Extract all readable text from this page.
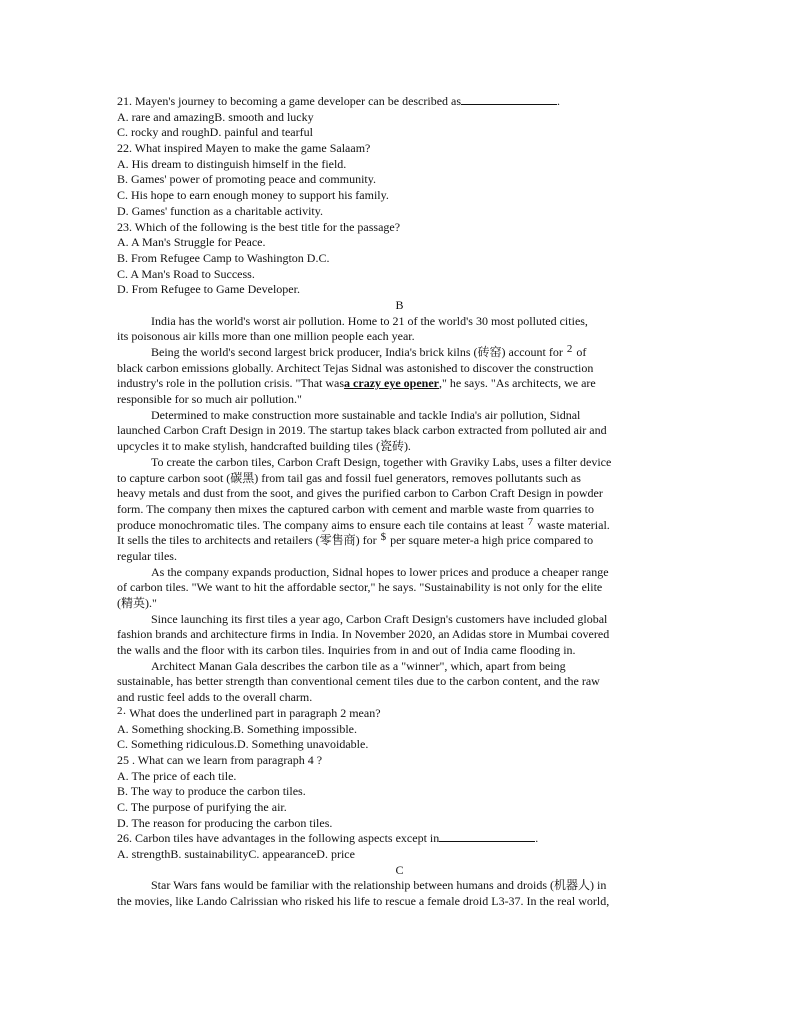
21. Mayen's journey to becoming a game developer can be described as	.
A. rare and amazingB. smooth and lucky
C. rocky and roughD. painful and tearful
22. What inspired Mayen to make the game Salaam?
A. His dream to distinguish himself in the field.
B. Games' power of promoting peace and community.
C. His hope to earn enough money to support his family.
D. Games' function as a charitable activity.
23. Which of the following is the best title for the passage?
A. A Man's Struggle for Peace.
B. From Refugee Camp to Washington D.C.
C. A Man's Road to Success.
D. From Refugee to Game Developer.
B
India has the world's worst air pollution. Home to 21 of the world's 30 most polluted cities,
its poisonous air kills more than one million people each year.
Being the world's second largest brick producer, India's brick kilns (砖窑) account for 2 of
black carbon emissions globally. Architect Tejas Sidnal was astonished to discover the construction
industry's role in the pollution crisis. "That wasa crazy eye opener," he says. "As architects, we are
responsible for so much air pollution."
Determined to make construction more sustainable and tackle India's air pollution, Sidnal
launched Carbon Craft Design in 2019. The startup takes black carbon extracted from polluted air and
upcycles it to make stylish, handcrafted building tiles (瓷砖).
To create the carbon tiles, Carbon Craft Design, together with Gravikу Labs, uses a filter device
to capture carbon soot (碳黑) from tail gas and fossil fuel generators, removes pollutants such as
heavy metals and dust from the soot, and gives the purified carbon to Carbon Craft Design in powder
form. The company then mixes the captured carbon with cement and marble waste from quarries to
produce monochromatic tiles. The company aims to ensure each tile contains at least 7 waste material.
It sells the tiles to architects and retailers (零售商) for $ per square meter-a high price compared to
regular tiles.
As the company expands production, Sidnal hopes to lower prices and produce a cheaper range
of carbon tiles. "We want to hit the affordable sector," he says. "Sustainability is not only for the elite
(精英)."
Since launching its first tiles a year ago, Carbon Craft Design's customers have included global
fashion brands and architecture firms in India. In November 2020, an Adidas store in Mumbai covered
the walls and the floor with its carbon tiles. Inquiries from in and out of India came flooding in.
Architect Manan Gala describes the carbon tile as a "winner", which, apart from being
sustainable, has better strength than conventional cement tiles due to the carbon content, and the raw
and rustic feel adds to the overall charm.
2· What does the underlined part in paragraph 2 mean?
A. Something shocking.B. Something impossible.
C. Something ridiculous.D. Something unavoidable.
25 . What can we learn from paragraph 4 ?
A. The price of each tile.
B. The way to produce the carbon tiles.
C. The purpose of purifying the air.
D. The reason for producing the carbon tiles.
26. Carbon tiles have advantages in the following aspects except in	.
A. strengthB. sustainabilityC. appearanceD. price
C
Star Wars fans would be familiar with the relationship between humans and droids (机器人) in
the movies, like Lando Calrissian who risked his life to rescue a female droid L3-37. In the real world,
